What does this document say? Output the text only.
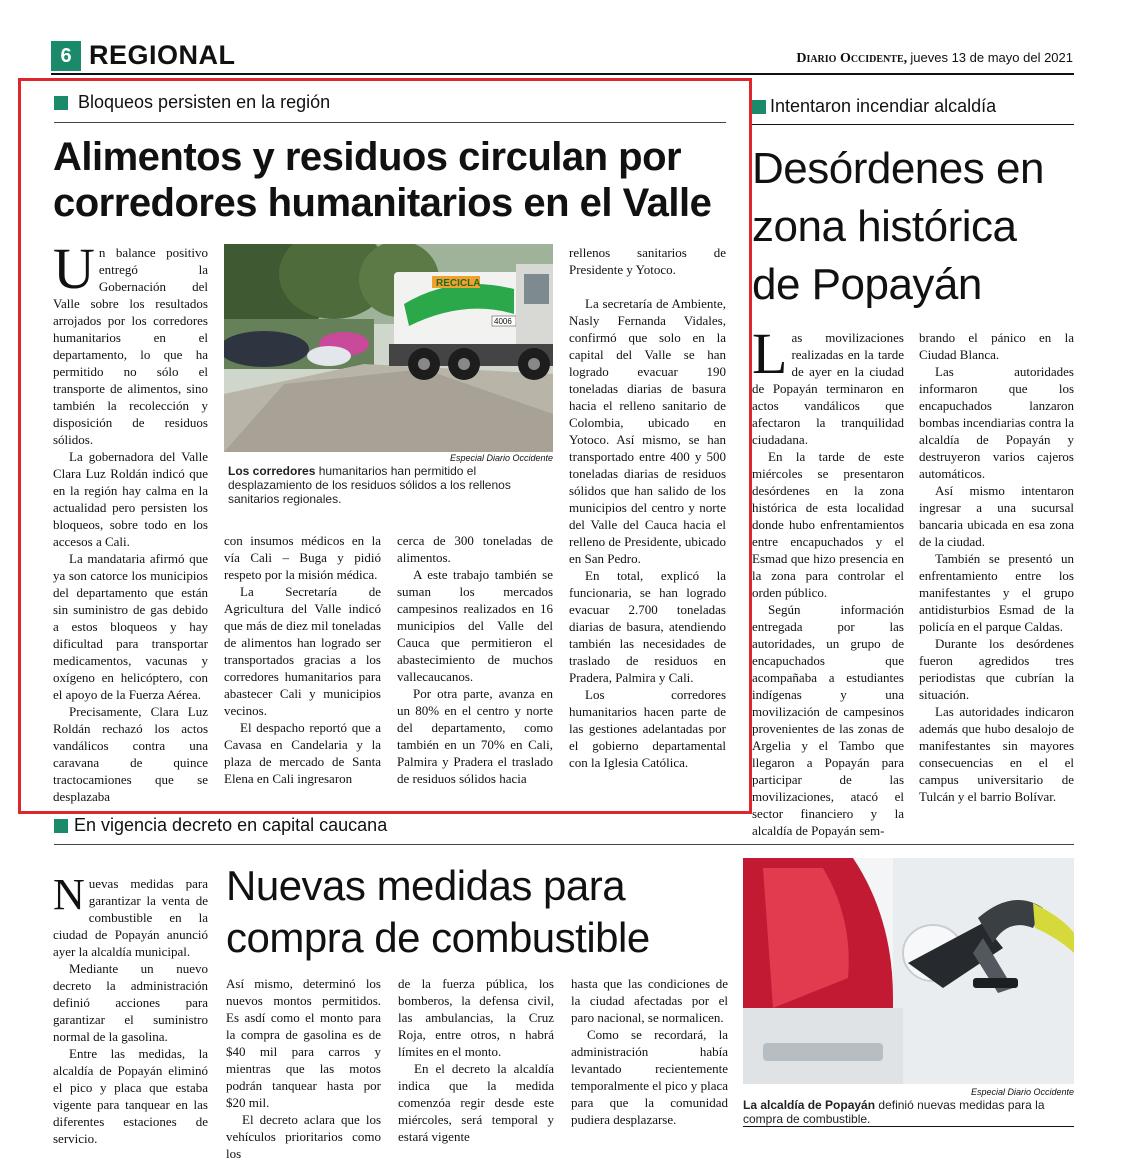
6 REGIONAL	Diario Occidente, jueves 13 de mayo del 2021
Bloqueos persisten en la región
Alimentos y residuos circulan por corredores humanitarios en el Valle
U n balance positivo entregó la Gobernación del Valle sobre los resultados arrojados por los corredores humanitarios en el departamento, lo que ha permitido no sólo el transporte de alimentos, sino también la recolección y disposición de residuos sólidos.

La gobernadora del Valle Clara Luz Roldán indicó que en la región hay calma en la actualidad pero persisten los bloqueos, sobre todo en los accesos a Cali.

La mandataria afirmó que ya son catorce los municipios del departamento que están sin suministro de gas debido a estos bloqueos y hay dificultad para transportar medicamentos, vacunas y oxígeno en helicóptero, con el apoyo de la Fuerza Aérea.

Precisamente, Clara Luz Roldán rechazó los actos vandálicos contra una caravana de quince tractocamiones que se desplazaba

RECICLA
4006
Especial Diario Occidente
Los corredores humanitarios han permitido el desplazamiento de los residuos sólidos a los rellenos sanitarios regionales.

con insumos médicos en la vía Cali – Buga y pidió respeto por la misión médica.

La Secretaría de Agricultura del Valle indicó que más de diez mil toneladas de alimentos han logrado ser transportados gracias a los corredores humanitarios para abastecer Cali y municipios vecinos.

El despacho reportó que a Cavasa en Candelaria y la plaza de mercado de Santa Elena en Cali ingresaron

cerca de 300 toneladas de alimentos.

A este trabajo también se suman los mercados campesinos realizados en 16 municipios del Valle del Cauca que permitieron el abastecimiento de muchos vallecaucanos.

Por otra parte, avanza en un 80% en el centro y norte del departamento, como también en un 70% en Cali, Palmira y Pradera el traslado de residuos sólidos hacia

rellenos sanitarios de Presidente y Yotoco.

La secretaría de Ambiente, Nasly Fernanda Vidales, confirmó que solo en la capital del Valle se han logrado evacuar 190 toneladas diarias de basura hacia el relleno sanitario de Colombia, ubicado en Yotoco. Así mismo, se han transportado entre 400 y 500 toneladas diarias de residuos sólidos que han salido de los municipios del centro y norte del Valle del Cauca hacia el relleno de Presidente, ubicado en San Pedro.

En total, explicó la funcionaria, se han logrado evacuar 2.700 toneladas diarias de basura, atendiendo también las necesidades de traslado de residuos en Pradera, Palmira y Cali.

Los corredores humanitarios hacen parte de las gestiones adelantadas por el gobierno departamental con la Iglesia Católica.

Intentaron incendiar alcaldía
Desórdenes en zona histórica de Popayán
L as movilizaciones realizadas en la tarde de ayer en la ciudad de Popayán terminaron en actos vandálicos que afectaron la tranquilidad ciudadana.

En la tarde de este miércoles se presentaron desórdenes en la zona histórica de esta localidad donde hubo enfrentamientos entre encapuchados y el Esmad que hizo presencia en la zona para controlar el orden público.

Según información entregada por las autoridades, un grupo de encapuchados que acompañaba a estudiantes indígenas y una movilización de campesinos provenientes de las zonas de Argelia y el Tambo que llegaron a Popayán para participar de las movilizaciones, atacó el sector financiero y la alcaldía de Popayán sem-

brando el pánico en la Ciudad Blanca.

Las autoridades informaron que los encapuchados lanzaron bombas incendiarias contra la alcaldía de Popayán y destruyeron varios cajeros automáticos.

Así mismo intentaron ingresar a una sucursal bancaria ubicada en esa zona de la ciudad.

También se presentó un enfrentamiento entre los manifestantes y el grupo antidisturbios Esmad de la policía en el parque Caldas.

Durante los desórdenes fueron agredidos tres periodistas que cubrían la situación.

Las autoridades indicaron además que hubo desalojo de manifestantes sin mayores consecuencias en el el campus universitario de Tulcán y el barrio Bolívar.

En vigencia decreto en capital caucana
N uevas medidas para garantizar la venta de combustible en la ciudad de Popayán anunció ayer la alcaldía municipal.

Mediante un nuevo decreto la administración definió acciones para garantizar el suministro normal de la gasolina.

Entre las medidas, la alcaldía de Popayán eliminó el pico y placa que estaba vigente para tanquear en las diferentes estaciones de servicio.

Nuevas medidas para compra de combustible

Así mismo, determinó los nuevos montos permitidos. Es asdí como el monto para la compra de gasolina es de $40 mil para carros y mientras que las motos podrán tanquear hasta por $20 mil.

El decreto aclara que los vehículos prioritarios como los

de la fuerza pública, los bomberos, la defensa civil, las ambulancias, la Cruz Roja, entre otros, n habrá límites en el monto.

En el decreto la alcaldía indica que la medida comenzóa regir desde este miércoles, será temporal y estará vigente

hasta que las condiciones de la ciudad afectadas por el paro nacional, se normalicen.

Como se recordará, la administración había levantado recientemente temporalmente el pico y placa para que la comunidad pudiera desplazarse.

Especial Diario Occidente
La alcaldía de Popayán definió nuevas medidas para la compra de combustible.
